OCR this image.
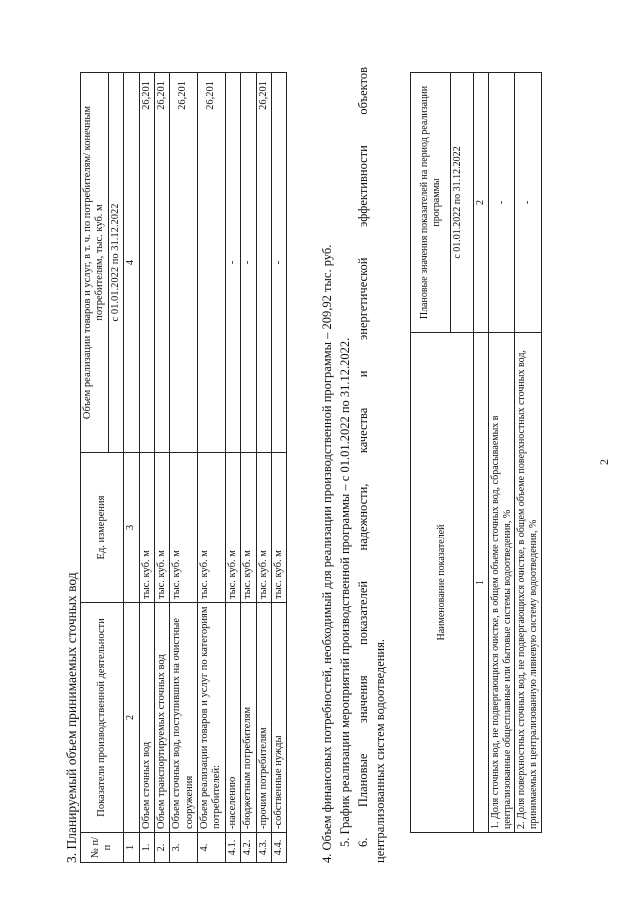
2
3. Планируемый объем принимаемых сточных вод № п/п	Показатели производственной деятельности	Ед. измерения	Объем реализации товаров и услуг, в т. ч. по потребителям/ конечным потребителям, тыс. куб. м
			с 01.01.2022 по 31.12.2022
1	2	3	4
1.	Объем сточных вод	тыс. куб. м	26,201
2.	Объем транспортируемых сточных вод	тыс. куб. м	26,201
3.	Объем сточных вод, поступивших на очистные сооружения	тыс. куб. м	26,201
4.	Объем реализации товаров и услуг по категориям потребителей:	тыс. куб. м	26,201
4.1.	-населению	тыс. куб. м	-
4.2.	-бюджетным потребителям	тыс. куб. м	-
4.3.	-прочим потребителям	тыс. куб. м	26,201
4.4.	-собственные нужды	тыс. куб. м	-	4. Объем финансовых потребностей, необходимый для реализации производственной программы – 209,92 тыс. руб. 5. График реализации мероприятий производственной программы – с 01.01.2022 по 31.12.2022. 6. Плановые значения показателей надежности, качества и энергетической эффективности объектов централизованных систем водоотведения.
Наименование показателей	Плановые значения показателей на период реализации программы
	с 01.01.2022 по 31.12.2022
1	2
1. Доля сточных вод, не подвергающихся очистке, в общем объеме сточных вод, сбрасываемых в централизованные общесплавные или бытовые системы водоотведения, %	-
2. Доля поверхностных сточных вод, не подвергающихся очистке, в общем объеме поверхностных сточных вод, принимаемых в централизованную ливневую систему водоотведения, %	-
